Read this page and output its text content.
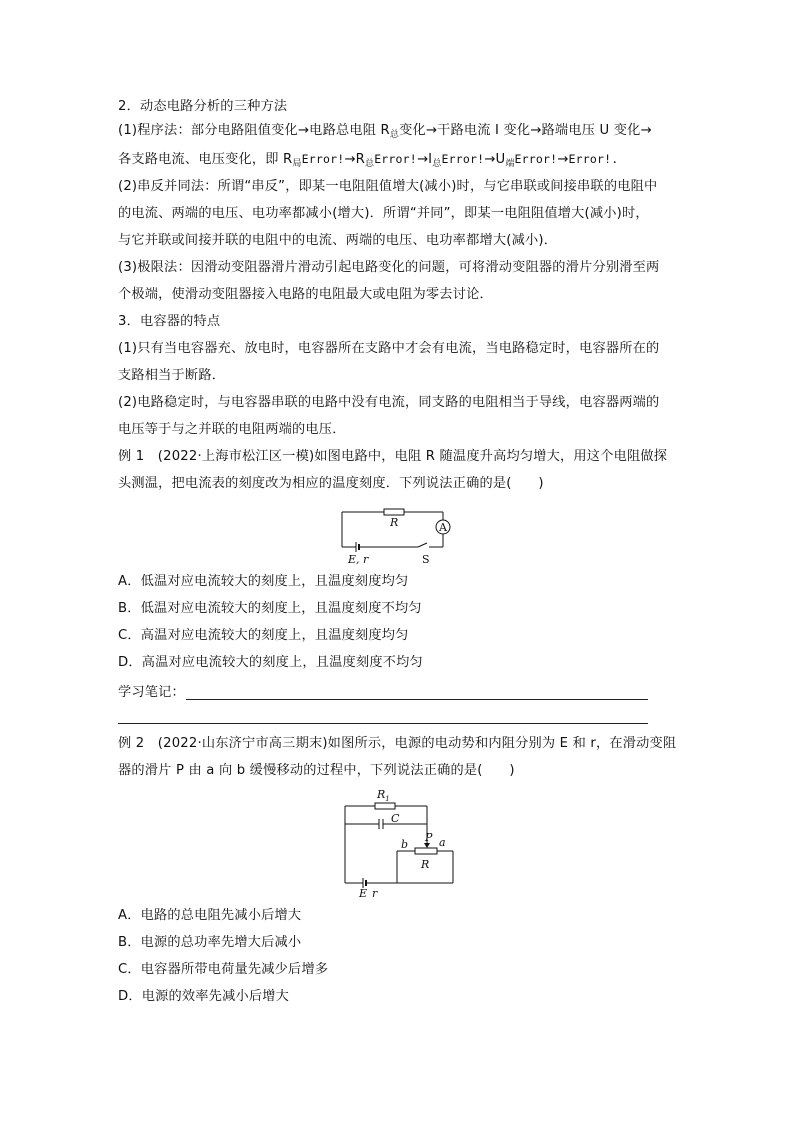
2．动态电路分析的三种方法
(1)程序法：部分电路阻值变化→电路总电阻 $R_总$变化→干路电流 I 变化→路端电压 U 变化→
各支路电流、电压变化，即 $R_局Error!\to R_总Error!\to I_总Error!\to U_端Error!\to Error$!.
(2)串反并同法：所谓“串反”，即某一电阻阻值增大(减小)时，与它串联或间接串联的电阻中
的电流、两端的电压、电功率都减小(增大)．所谓“并同”，即某一电阻阻值增大(减小)时，
与它并联或间接并联的电阻中的电流、两端的电压、电功率都增大(减小)．
(3)极限法：因滑动变阻器滑片滑动引起电路变化的问题，可将滑动变阻器的滑片分别滑至两
个极端，使滑动变阻器接入电路的电阻最大或电阻为零去讨论．
3．电容器的特点
(1)只有当电容器充、放电时，电容器所在支路中才会有电流，当电路稳定时，电容器所在的
支路相当于断路．
(2)电路稳定时，与电容器串联的电路中没有电流，同支路的电阻相当于导线，电容器两端的
电压等于与之并联的电阻两端的电压．
例 1　(2022·上海市松江区一模)如图电路中，电阻 R 随温度升高均匀增大，用这个电阻做探
头测温，把电流表的刻度改为相应的温度刻度．下列说法正确的是(　　)
R	A
E, r	S
A．低温对应电流较大的刻度上，且温度刻度均匀
B．低温对应电流较大的刻度上，且温度刻度不均匀
C．高温对应电流较大的刻度上，且温度刻度均匀
D．高温对应电流较大的刻度上，且温度刻度不均匀
学习笔记：
例 2　(2022·山东济宁市高三期末)如图所示，电源的电动势和内阻分别为 E 和 r，在滑动变阻
器的滑片 P 由 a 向 b 缓慢移动的过程中，下列说法正确的是(　　)
$R_1$
C
P a
b
R
E r
A．电路的总电阻先减小后增大
B．电源的总功率先增大后减小
C．电容器所带电荷量先减少后增多
D．电源的效率先减小后增大
